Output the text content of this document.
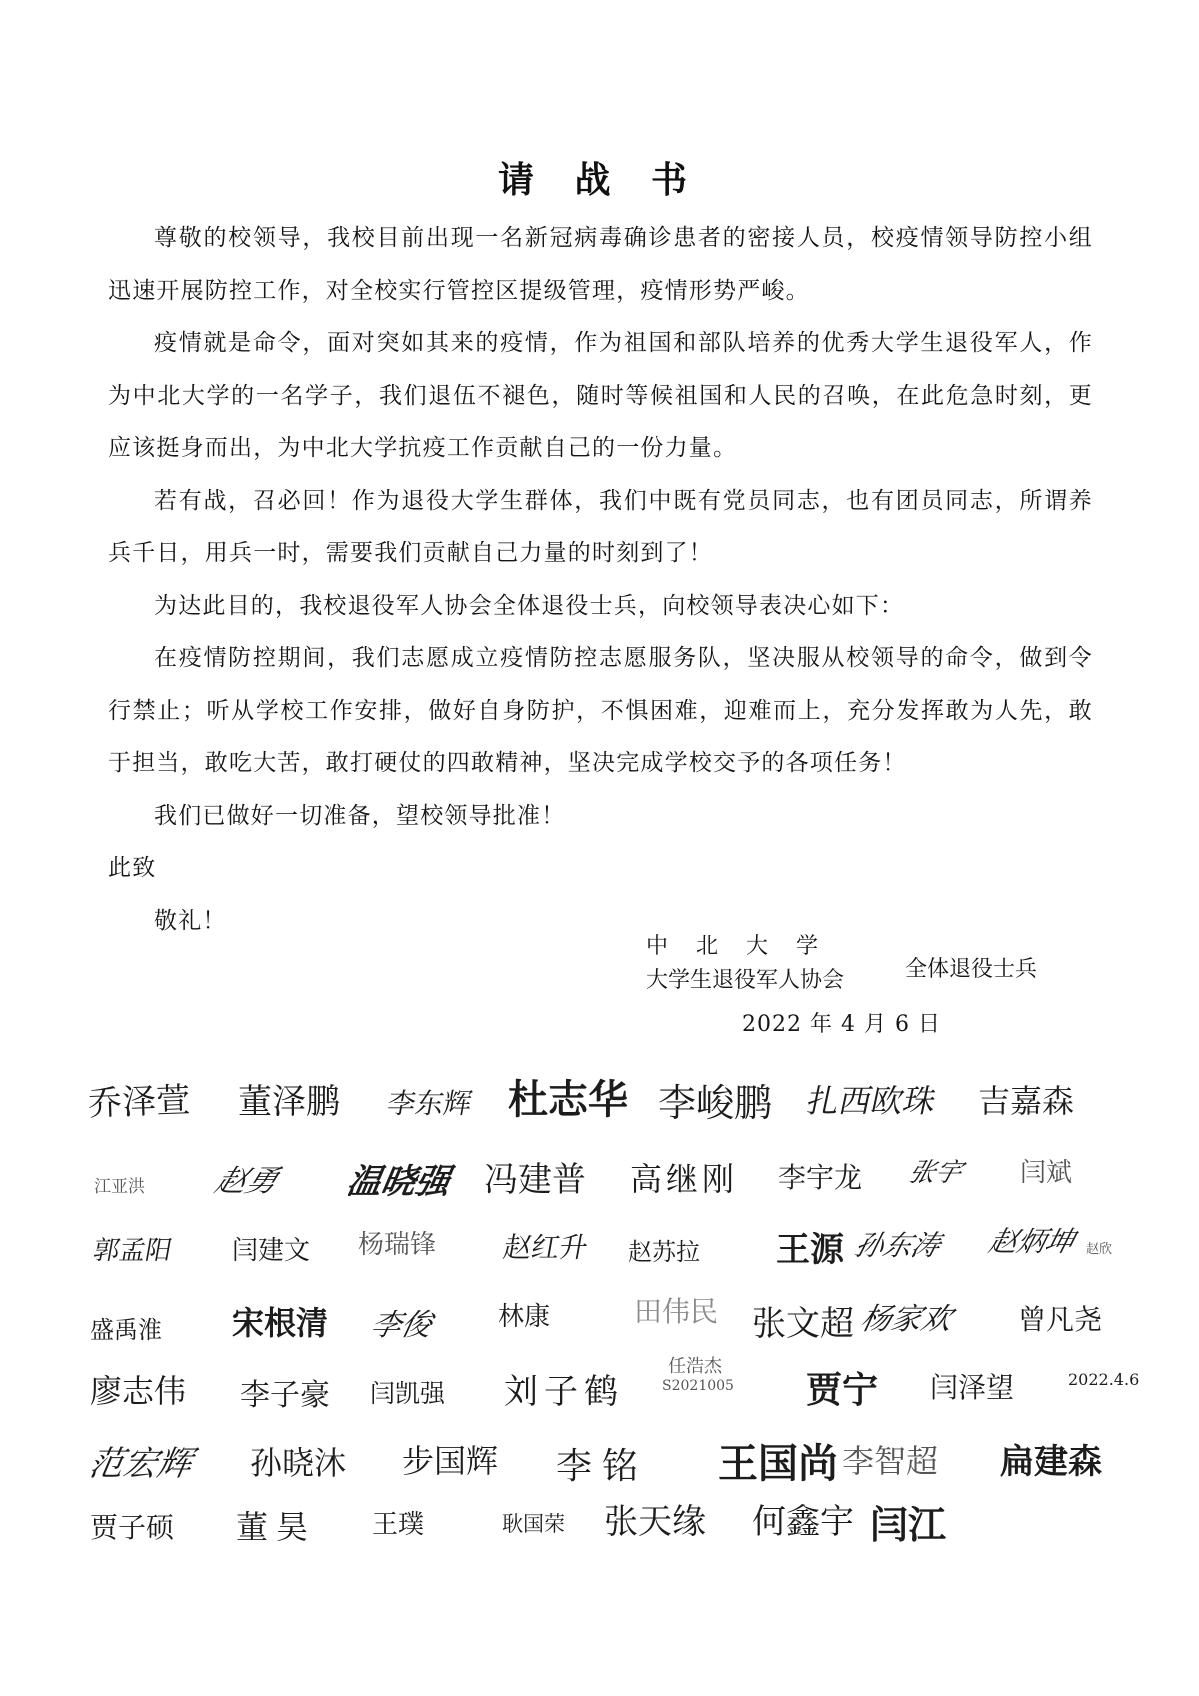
请 战 书

尊敬的校领导，我校目前出现一名新冠病毒确诊患者的密接人员，校疫情领导防控小组迅速开展防控工作，对全校实行管控区提级管理，疫情形势严峻。

疫情就是命令，面对突如其来的疫情，作为祖国和部队培养的优秀大学生退役军人，作为中北大学的一名学子，我们退伍不褪色，随时等候祖国和人民的召唤，在此危急时刻，更应该挺身而出，为中北大学抗疫工作贡献自己的一份力量。

若有战，召必回！作为退役大学生群体，我们中既有党员同志，也有团员同志，所谓养兵千日，用兵一时，需要我们贡献自己力量的时刻到了！

为达此目的，我校退役军人协会全体退役士兵，向校领导表决心如下：

在疫情防控期间，我们志愿成立疫情防控志愿服务队，坚决服从校领导的命令，做到令行禁止；听从学校工作安排，做好自身防护，不惧困难，迎难而上，充分发挥敢为人先，敢于担当，敢吃大苦，敢打硬仗的四敢精神，坚决完成学校交予的各项任务！

我们已做好一切准备，望校领导批准！

此致

敬礼！

中北大学
大学生退役军人协会	全体退役士兵
2022 年 4 月 6 日
乔泽萱 董泽鹏 李东辉 杜志华 李峻鹏 扎西欧珠 吉嘉森
江亚洪 赵勇 温晓强 冯建普 高继刚 李宇龙 张宇 闫斌
郭孟阳 闫建文 杨瑞锋 赵红升 赵苏拉 王源 孙东涛 赵炳坤 赵欣
盛禹淮 宋根清 李俊 林康	田伟民 张文超 杨家欢 曾凡尧
廖志伟 李子豪 闫凯强 刘子鹤
任浩杰
S2021005 贾宁 闫泽望	2022.4.6
范宏辉 孙晓沐 步国辉 李铭 王国尚 李智超 扁建森
贾子硕 董昊 王璞	耿国荣 张天缘 何鑫宇 闫江
